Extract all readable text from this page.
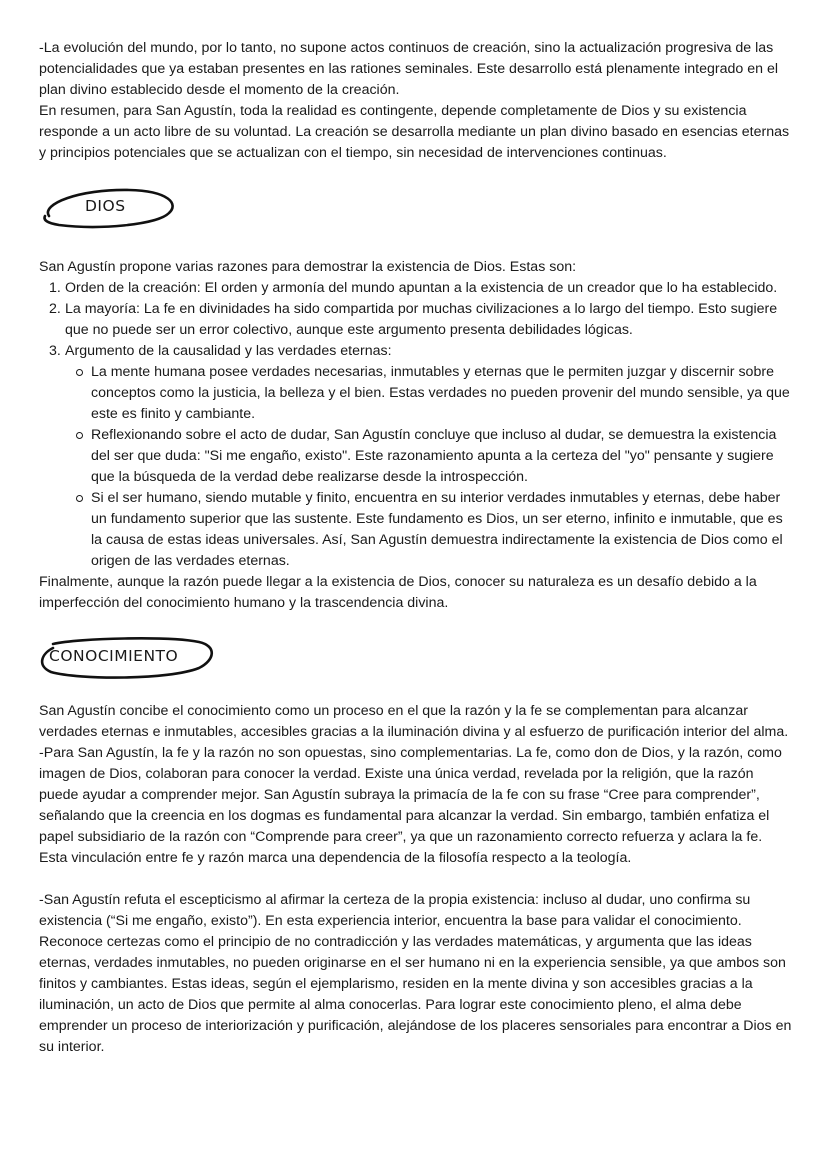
-La evolución del mundo, por lo tanto, no supone actos continuos de creación, sino la actualización progresiva de las potencialidades que ya estaban presentes en las rationes seminales. Este desarrollo está plenamente integrado en el plan divino establecido desde el momento de la creación.

En resumen, para San Agustín, toda la realidad es contingente, depende completamente de Dios y su existencia responde a un acto libre de su voluntad. La creación se desarrolla mediante un plan divino basado en esencias eternas y principios potenciales que se actualizan con el tiempo, sin necesidad de intervenciones continuas.

DIOS

San Agustín propone varias razones para demostrar la existencia de Dios. Estas son:

1. Orden de la creación: El orden y armonía del mundo apuntan a la existencia de un creador que lo ha establecido.
2. La mayoría: La fe en divinidades ha sido compartida por muchas civilizaciones a lo largo del tiempo. Esto sugiere que no puede ser un error colectivo, aunque este argumento presenta debilidades lógicas.
3. Argumento de la causalidad y las verdades eternas:
La mente humana posee verdades necesarias, inmutables y eternas que le permiten juzgar y discernir sobre conceptos como la justicia, la belleza y el bien. Estas verdades no pueden provenir del mundo sensible, ya que este es finito y cambiante.
Reflexionando sobre el acto de dudar, San Agustín concluye que incluso al dudar, se demuestra la existencia del ser que duda: "Si me engaño, existo". Este razonamiento apunta a la certeza del "yo" pensante y sugiere que la búsqueda de la verdad debe realizarse desde la introspección.
Si el ser humano, siendo mutable y finito, encuentra en su interior verdades inmutables y eternas, debe haber un fundamento superior que las sustente. Este fundamento es Dios, un ser eterno, infinito e inmutable, que es la causa de estas ideas universales. Así, San Agustín demuestra indirectamente la existencia de Dios como el origen de las verdades eternas.

Finalmente, aunque la razón puede llegar a la existencia de Dios, conocer su naturaleza es un desafío debido a la imperfección del conocimiento humano y la trascendencia divina.

CONOCIMIENTO

San Agustín concibe el conocimiento como un proceso en el que la razón y la fe se complementan para alcanzar verdades eternas e inmutables, accesibles gracias a la iluminación divina y al esfuerzo de purificación interior del alma.

-Para San Agustín, la fe y la razón no son opuestas, sino complementarias. La fe, como don de Dios, y la razón, como imagen de Dios, colaboran para conocer la verdad. Existe una única verdad, revelada por la religión, que la razón puede ayudar a comprender mejor. San Agustín subraya la primacía de la fe con su frase “Cree para comprender”, señalando que la creencia en los dogmas es fundamental para alcanzar la verdad. Sin embargo, también enfatiza el papel subsidiario de la razón con “Comprende para creer”, ya que un razonamiento correcto refuerza y aclara la fe. Esta vinculación entre fe y razón marca una dependencia de la filosofía respecto a la teología.

-San Agustín refuta el escepticismo al afirmar la certeza de la propia existencia: incluso al dudar, uno confirma su existencia (“Si me engaño, existo”). En esta experiencia interior, encuentra la base para validar el conocimiento. Reconoce certezas como el principio de no contradicción y las verdades matemáticas, y argumenta que las ideas eternas, verdades inmutables, no pueden originarse en el ser humano ni en la experiencia sensible, ya que ambos son finitos y cambiantes. Estas ideas, según el ejemplarismo, residen en la mente divina y son accesibles gracias a la iluminación, un acto de Dios que permite al alma conocerlas. Para lograr este conocimiento pleno, el alma debe emprender un proceso de interiorización y purificación, alejándose de los placeres sensoriales para encontrar a Dios en su interior.
